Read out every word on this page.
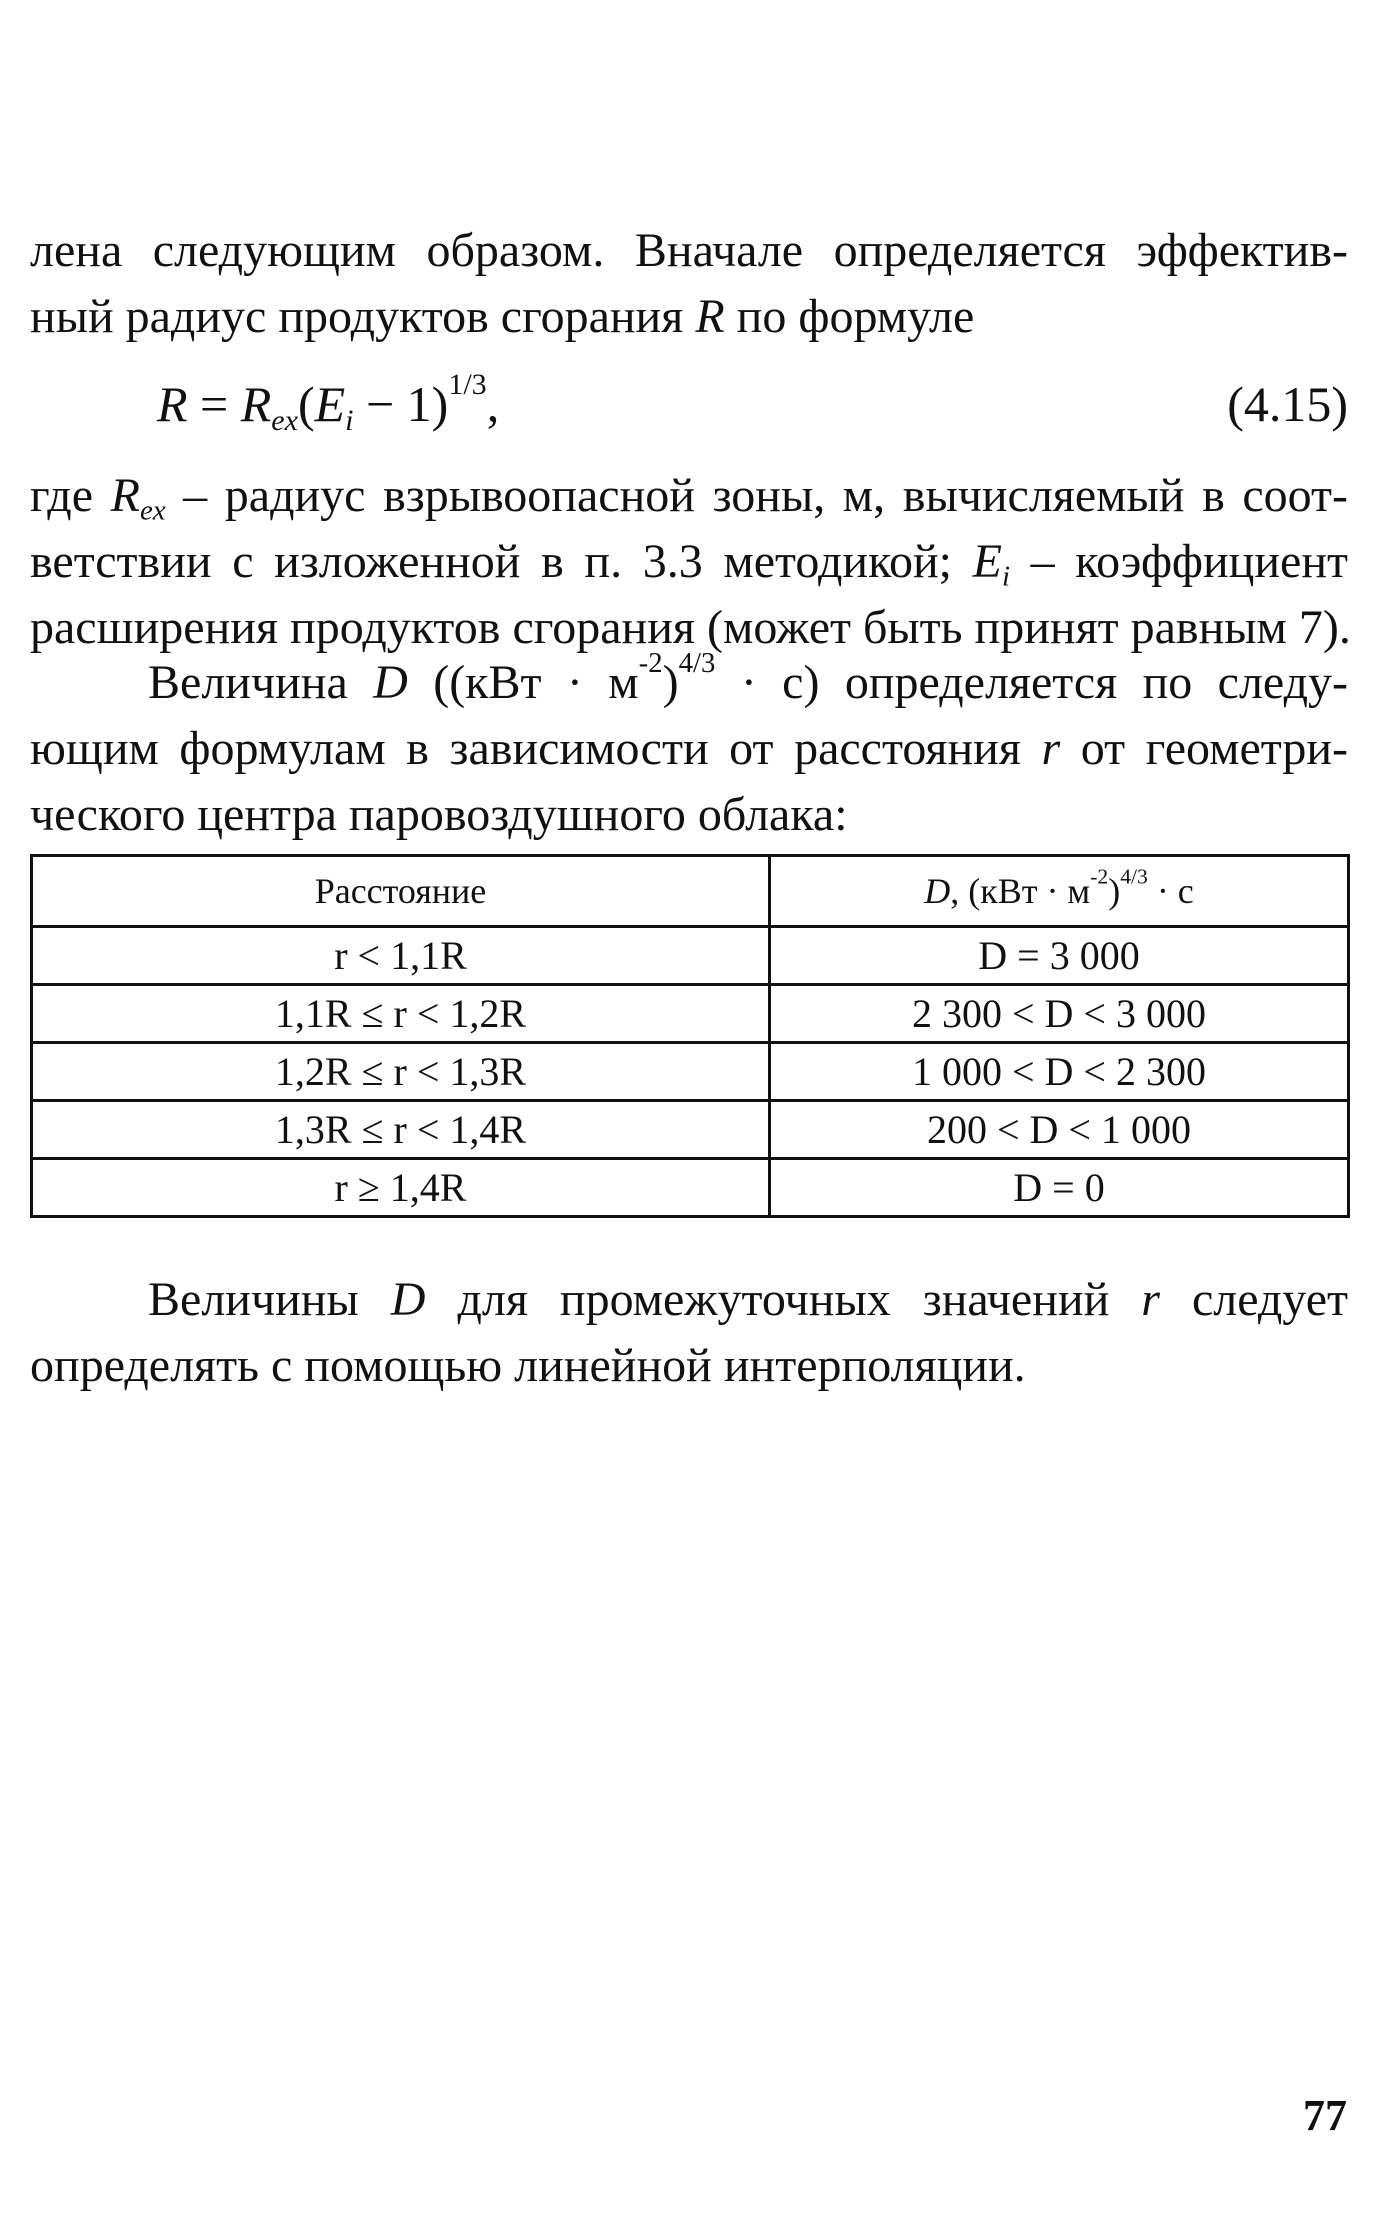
лена следующим образом. Вначале определяется эффектив-
ный радиус продуктов сгорания R по формуле
$R = R_{ex}(E_i - 1)^{1/3}$,	(4.15)
где $R_{ex}$ – радиус взрывоопасной зоны, м, вычисляемый в соот-
ветствии с изложенной в п. 3.3 методикой; $E_i$ – коэффициент
расширения продуктов сгорания (может быть принят равным 7).
Величина D $((кВт \cdot м^{-2})^{4/3} \cdot с)$ определяется по следу-
ющим формулам в зависимости от расстояния r от геометри-
ческого центра паровоздушного облака:
Расстояние	D, $(кВт \cdot м^{-2})^{4/3} \cdot с$
r < 1,1R	D = 3 000
1,1R ≤ r < 1,2R	2 300 < D < 3 000
1,2R ≤ r < 1,3R	1 000 < D < 2 300
1,3R ≤ r < 1,4R	200 < D < 1 000
r ≥ 1,4R	D = 0
Величины D для промежуточных значений r следует
определять с помощью линейной интерполяции.
77
